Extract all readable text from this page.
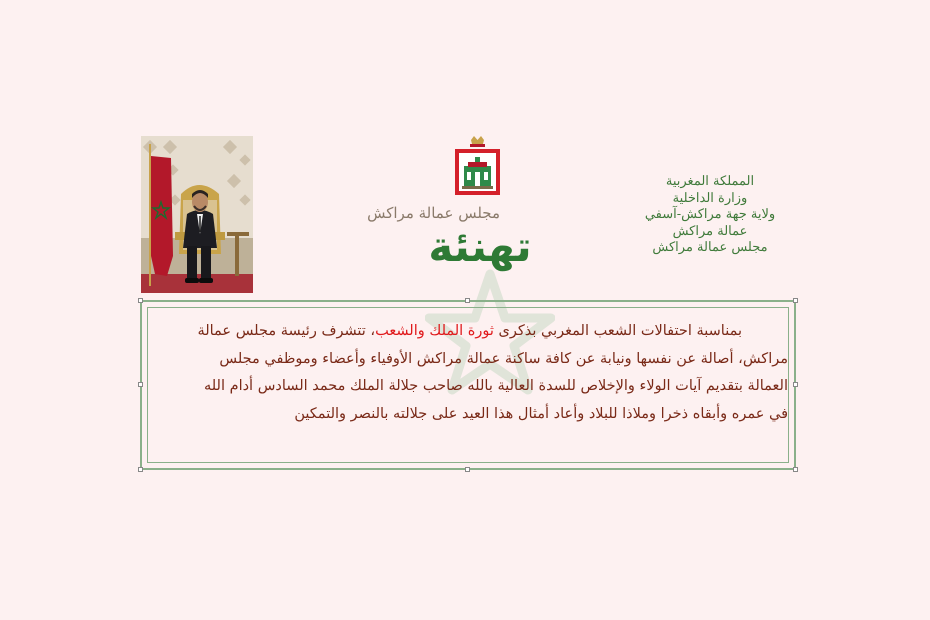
مجلس عمالة مراكش
تهنئة
المملكة المغربية
وزارة الداخلية
ولاية جهة مراكش-آسفي
عمالة مراكش
مجلس عمالة مراكش
بمناسبة احتفالات الشعب المغربي بذكرى ثورة الملك والشعب، تتشرف رئيسة مجلس عمالة
مراكش، أصالة عن نفسها ونيابة عن كافة ساكنة عمالة مراكش الأوفياء وأعضاء وموظفي مجلس
العمالة بتقديم آيات الولاء والإخلاص للسدة العالية بالله صاحب جلالة الملك محمد السادس أدام الله
في عمره وأبقاه ذخرا وملاذا للبلاد وأعاد أمثال هذا العيد على جلالته بالنصر والتمكين
